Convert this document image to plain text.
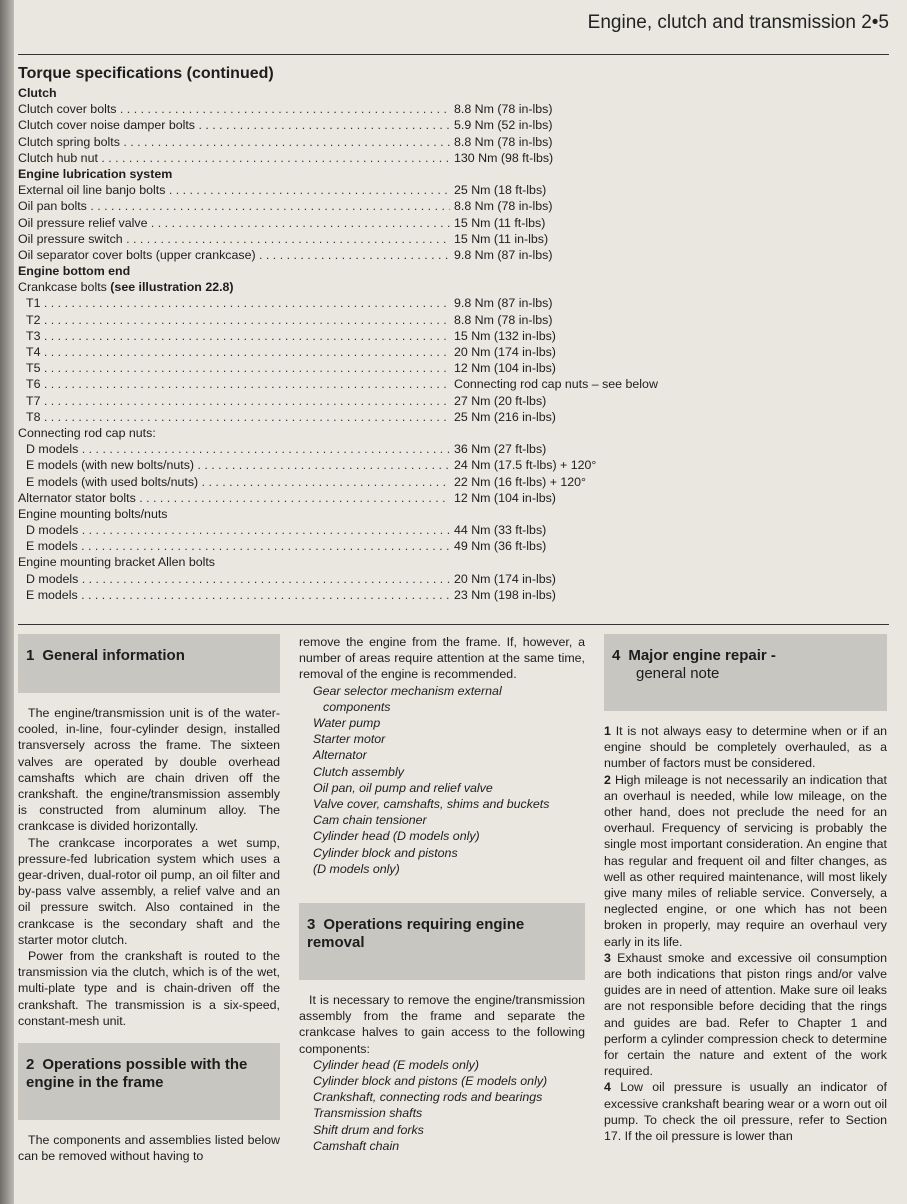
Engine, clutch and transmission 2•5
Torque specifications (continued)
Clutch
Clutch cover bolts . . .	8.8 Nm (78 in-lbs)
Clutch cover noise damper bolts . . .	5.9 Nm (52 in-lbs)
Clutch spring bolts . . .	8.8 Nm (78 in-lbs)
Clutch hub nut . . .	130 Nm (98 ft-lbs)
Engine lubrication system
External oil line banjo bolts . . .	25 Nm (18 ft-lbs)
Oil pan bolts . . .	8.8 Nm (78 in-lbs)
Oil pressure relief valve . . .	15 Nm (11 ft-lbs)
Oil pressure switch . . .	15 Nm (11 in-lbs)
Oil separator cover bolts (upper crankcase) . . .	9.8 Nm (87 in-lbs)
Engine bottom end
Crankcase bolts (see illustration 22.8)
T1 . . .	9.8 Nm (87 in-lbs)
T2 . . .	8.8 Nm (78 in-lbs)
T3 . . .	15 Nm (132 in-lbs)
T4 . . .	20 Nm (174 in-lbs)
T5 . . .	12 Nm (104 in-lbs)
T6 . . .	Connecting rod cap nuts – see below
T7 . . .	27 Nm (20 ft-lbs)
T8 . . .	25 Nm (216 in-lbs)
Connecting rod cap nuts:
D models . . .	36 Nm (27 ft-lbs)
E models (with new bolts/nuts) . . .	24 Nm (17.5 ft-lbs) + 120°
E models (with used bolts/nuts) . . .	22 Nm (16 ft-lbs) + 120°
Alternator stator bolts . . .	12 Nm (104 in-lbs)
Engine mounting bolts/nuts
D models . . .	44 Nm (33 ft-lbs)
E models . . .	49 Nm (36 ft-lbs)
Engine mounting bracket Allen bolts
D models . . .	20 Nm (174 in-lbs)
E models . . .	23 Nm (198 in-lbs)
1 General information

The engine/transmission unit is of the water-cooled, in-line, four-cylinder design, installed transversely across the frame. The sixteen valves are operated by double overhead camshafts which are chain driven off the crankshaft. the engine/transmission assembly is constructed from aluminum alloy. The crankcase is divided horizontally.

The crankcase incorporates a wet sump, pressure-fed lubrication system which uses a gear-driven, dual-rotor oil pump, an oil filter and by-pass valve assembly, a relief valve and an oil pressure switch. Also contained in the crankcase is the secondary shaft and the starter motor clutch.

Power from the crankshaft is routed to the transmission via the clutch, which is of the wet, multi-plate type and is chain-driven off the crankshaft. The transmission is a six-speed, constant-mesh unit.

2 Operations possible with the engine in the frame

The components and assemblies listed below can be removed without having to

remove the engine from the frame. If, however, a number of areas require attention at the same time, removal of the engine is recommended.

Gear selector mechanism external
components
Water pump
Starter motor
Alternator
Clutch assembly
Oil pan, oil pump and relief valve
Valve cover, camshafts, shims and buckets
Cam chain tensioner
Cylinder head (D models only)
Cylinder block and pistons
(D models only)
3 Operations requiring engine removal

It is necessary to remove the engine/transmission assembly from the frame and separate the crankcase halves to gain access to the following components:

Cylinder head (E models only)
Cylinder block and pistons (E models only)
Crankshaft, connecting rods and bearings
Transmission shafts
Shift drum and forks
Camshaft chain
4 Major engine repair -
general note

1 It is not always easy to determine when or if an engine should be completely overhauled, as a number of factors must be considered.

2 High mileage is not necessarily an indication that an overhaul is needed, while low mileage, on the other hand, does not preclude the need for an overhaul. Frequency of servicing is probably the single most important consideration. An engine that has regular and frequent oil and filter changes, as well as other required maintenance, will most likely give many miles of reliable service. Conversely, a neglected engine, or one which has not been broken in properly, may require an overhaul very early in its life.

3 Exhaust smoke and excessive oil consumption are both indications that piston rings and/or valve guides are in need of attention. Make sure oil leaks are not responsible before deciding that the rings and guides are bad. Refer to Chapter 1 and perform a cylinder compression check to determine for certain the nature and extent of the work required.

4 Low oil pressure is usually an indicator of excessive crankshaft bearing wear or a worn out oil pump. To check the oil pressure, refer to Section 17. If the oil pressure is lower than
